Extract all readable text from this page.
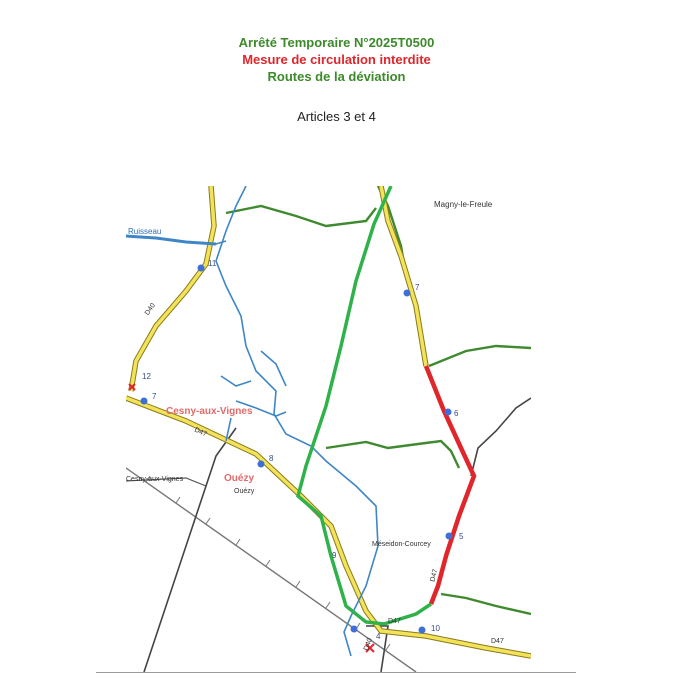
Arrêté Temporaire N°2025T0500
Mesure de circulation interdite
Routes de la déviation
Articles 3 et 4
Magny-le-Freule
Ruisseau
Cesny-aux-Vignes
Ouézy
Ouézy
Cesny-aux-Vignes
Méseidon-Courcey
D40
D47
D47
D47
D47
D40
11
7
12
7
8
6
5
9
10
4
